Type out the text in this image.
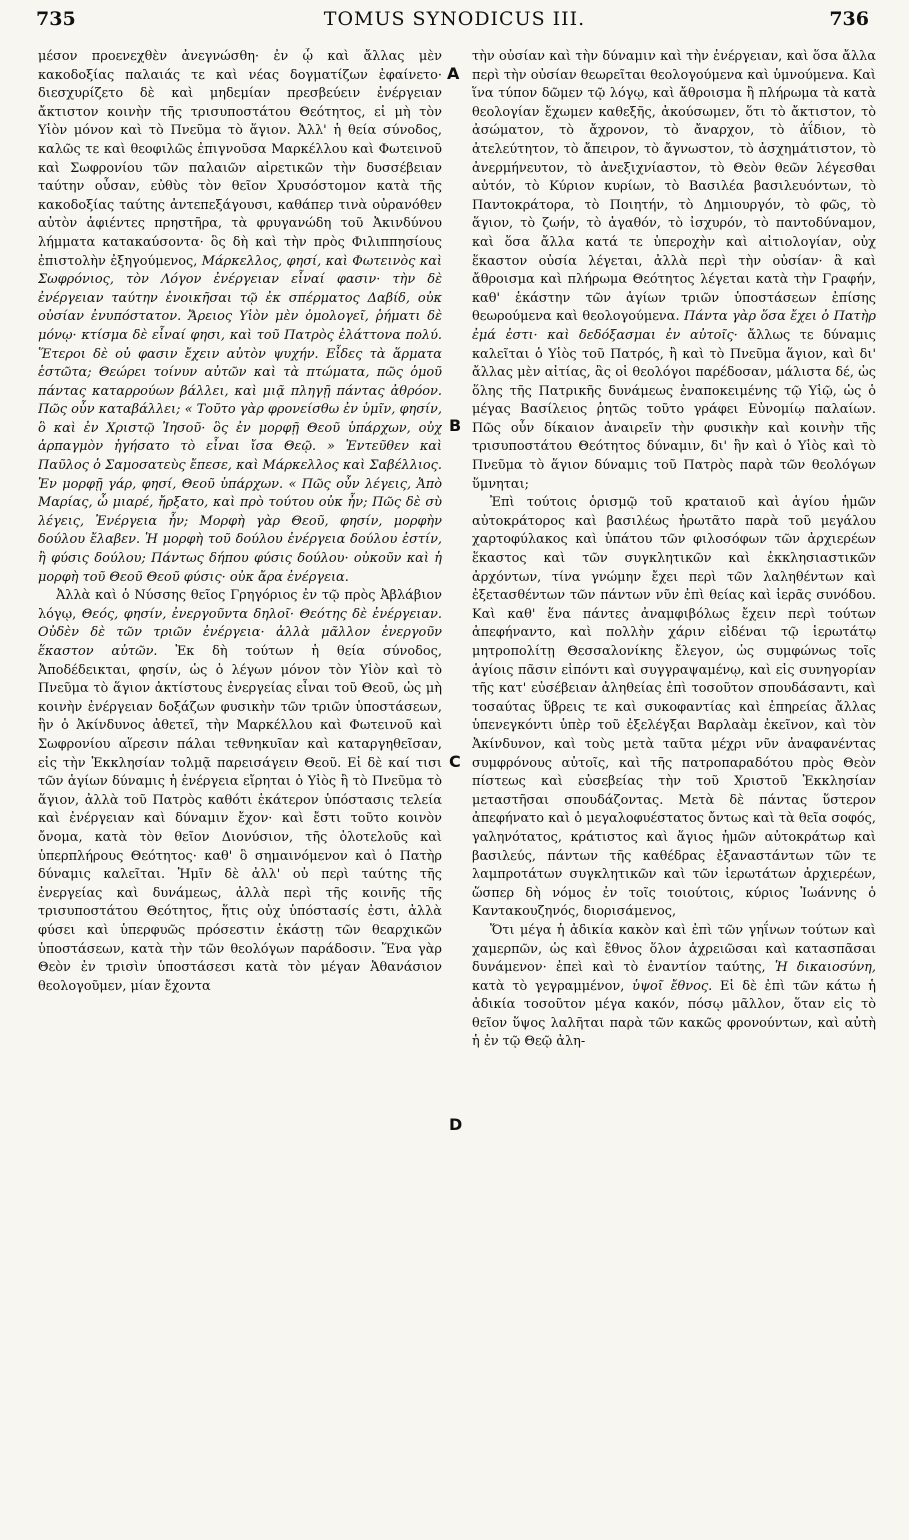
735	TOMUS SYNODICUS III.	736

μέσον προενεχθὲν ἀνεγνώσθη· ἐν ᾧ καὶ ἄλλας μὲν κακοδοξίας παλαιάς τε καὶ νέας δογματίζων ἐφαίνετο· διεσχυρίζετο δὲ καὶ μηδεμίαν πρεσβεύειν ἐνέργειαν ἄκτιστον κοινὴν τῆς τρισυποστάτου Θεότητος, εἰ μὴ τὸν Υἱὸν μόνον καὶ τὸ Πνεῦμα τὸ ἅγιον. Ἀλλ' ἡ θεία σύνοδος, καλῶς τε καὶ θεοφιλῶς ἐπιγνοῦσα Μαρκέλλου καὶ Φωτεινοῦ καὶ Σωφρονίου τῶν παλαιῶν αἱρετικῶν τὴν δυσσέβειαν ταύτην οὖσαν, εὐθὺς τὸν θεῖον Χρυσόστομον κατὰ τῆς κακοδοξίας ταύτης ἀντεπεξάγουσι, καθάπερ τινὰ οὐρανόθεν αὐτὸν ἀφιέντες πρηστῆρα, τὰ φρυγανώδη τοῦ Ἀκινδύνου λήμματα κατακαύσοντα· ὃς δὴ καὶ τὴν πρὸς Φιλιππησίους ἐπιστολὴν ἐξηγούμενος, Μάρκελλος, φησί, καὶ Φωτεινὸς καὶ Σωφρόνιος, τὸν Λόγον ἐνέργειαν εἶναί φασιν· τὴν δὲ ἐνέργειαν ταύτην ἐνοικῆσαι τῷ ἐκ σπέρματος Δαβίδ, οὐκ οὐσίαν ἐνυπόστατον. Ἄρειος Υἱὸν μὲν ὁμολογεῖ, ῥήματι δὲ μόνῳ· κτίσμα δὲ εἶναί φησι, καὶ τοῦ Πατρὸς ἐλάττονα πολύ. Ἕτεροι δὲ οὐ φασιν ἔχειν αὐτὸν ψυχήν. Εἶδες τὰ ἅρματα ἑστῶτα; Θεώρει τοίνυν αὐτῶν καὶ τὰ πτώματα, πῶς ὁμοῦ πάντας καταρρούων βάλλει, καὶ μιᾷ πληγῇ πάντας ἀθρόον. Πῶς οὖν καταβάλλει; « Τοῦτο γὰρ φρονείσθω ἐν ὑμῖν, φησίν, ὃ καὶ ἐν Χριστῷ Ἰησοῦ· ὃς ἐν μορφῇ Θεοῦ ὑπάρχων, οὐχ ἁρπαγμὸν ἡγήσατο τὸ εἶναι ἴσα Θεῷ. » Ἐντεῦθεν καὶ Παῦλος ὁ Σαμοσατεὺς ἔπεσε, καὶ Μάρκελλος καὶ Σαβέλλιος. Ἐν μορφῇ γάρ, φησί, Θεοῦ ὑπάρχων. « Πῶς οὖν λέγεις, Ἀπὸ Μαρίας, ὦ μιαρέ, ἤρξατο, καὶ πρὸ τούτου οὐκ ἦν; Πῶς δὲ σὺ λέγεις, Ἐνέργεια ἦν; Μορφὴ γὰρ Θεοῦ, φησίν, μορφὴν δούλου ἔλαβεν. Ἡ μορφὴ τοῦ δούλου ἐνέργεια δούλου ἐστίν, ἢ φύσις δούλου; Πάντως δήπου φύσις δούλου· οὐκοῦν καὶ ἡ μορφὴ τοῦ Θεοῦ Θεοῦ φύσις· οὐκ ἄρα ἐνέργεια.

Ἀλλὰ καὶ ὁ Νύσσης θεῖος Γρηγόριος ἐν τῷ πρὸς Ἀβλάβιον λόγῳ, Θεός, φησίν, ἐνεργοῦντα δηλοῖ· Θεότης δὲ ἐνέργειαν. Οὐδὲν δὲ τῶν τριῶν ἐνέργεια· ἀλλὰ μᾶλλον ἐνεργοῦν ἕκαστον αὐτῶν. Ἐκ δὴ τούτων ἡ θεία σύνοδος, Ἀποδέδεικται, φησίν, ὡς ὁ λέγων μόνον τὸν Υἱὸν καὶ τὸ Πνεῦμα τὸ ἅγιον ἀκτίστους ἐνεργείας εἶναι τοῦ Θεοῦ, ὡς μὴ κοινὴν ἐνέργειαν δοξάζων φυσικὴν τῶν τριῶν ὑποστάσεων, ἣν ὁ Ἀκίνδυνος ἀθετεῖ, τὴν Μαρκέλλου καὶ Φωτεινοῦ καὶ Σωφρονίου αἵρεσιν πάλαι τεθνηκυῖαν καὶ καταργηθεῖσαν, εἰς τὴν Ἐκκλησίαν τολμᾷ παρεισάγειν Θεοῦ. Εἰ δὲ καί τισι τῶν ἁγίων δύναμις ἡ ἐνέργεια εἴρηται ὁ Υἱὸς ἢ τὸ Πνεῦμα τὸ ἅγιον, ἀλλὰ τοῦ Πατρὸς καθότι ἑκάτερον ὑπόστασις τελεία καὶ ἐνέργειαν καὶ δύναμιν ἔχον· καὶ ἔστι τοῦτο κοινὸν ὄνομα, κατὰ τὸν θεῖον Διονύσιον, τῆς ὁλοτελοῦς καὶ ὑπερπλήρους Θεότητος· καθ' ὃ σημαινόμενον καὶ ὁ Πατὴρ δύναμις καλεῖται. Ἡμῖν δὲ ἀλλ' οὐ περὶ ταύτης τῆς ἐνεργείας καὶ δυνάμεως, ἀλλὰ περὶ τῆς κοινῆς τῆς τρισυποστάτου Θεότητος, ἥτις οὐχ ὑπόστασίς ἐστι, ἀλλὰ φύσει καὶ ὑπερφυῶς πρόσεστιν ἑκάστῃ τῶν θεαρχικῶν ὑποστάσεων, κατὰ τὴν τῶν θεολόγων παράδοσιν. Ἕνα γὰρ Θεὸν ἐν τρισὶν ὑποστάσεσι κατὰ τὸν μέγαν Ἀθανάσιον θεολογοῦμεν, μίαν ἔχοντα

A
B
C
D

τὴν οὐσίαν καὶ τὴν δύναμιν καὶ τὴν ἐνέργειαν, καὶ ὅσα ἄλλα περὶ τὴν οὐσίαν θεωρεῖται θεολογούμενα καὶ ὑμνούμενα. Καὶ ἵνα τύπον δῶμεν τῷ λόγῳ, καὶ ἄθροισμα ἢ πλήρωμα τὰ κατὰ θεολογίαν ἔχωμεν καθεξῆς, ἀκούσωμεν, ὅτι τὸ ἄκτιστον, τὸ ἀσώματον, τὸ ἄχρονον, τὸ ἄναρχον, τὸ ἀΐδιον, τὸ ἀτελεύτητον, τὸ ἄπειρον, τὸ ἄγνωστον, τὸ ἀσχημάτιστον, τὸ ἀνερμήνευτον, τὸ ἀνεξιχνίαστον, τὸ Θεὸν θεῶν λέγεσθαι αὐτόν, τὸ Κύριον κυρίων, τὸ Βασιλέα βασιλευόντων, τὸ Παντοκράτορα, τὸ Ποιητήν, τὸ Δημιουργόν, τὸ φῶς, τὸ ἅγιον, τὸ ζωήν, τὸ ἀγαθόν, τὸ ἰσχυρόν, τὸ παντοδύναμον, καὶ ὅσα ἄλλα κατά τε ὑπεροχὴν καὶ αἰτιολογίαν, οὐχ ἕκαστον οὐσία λέγεται, ἀλλὰ περὶ τὴν οὐσίαν· ἃ καὶ ἄθροισμα καὶ πλήρωμα Θεότητος λέγεται κατὰ τὴν Γραφήν, καθ' ἑκάστην τῶν ἁγίων τριῶν ὑποστάσεων ἐπίσης θεωρούμενα καὶ θεολογούμενα. Πάντα γὰρ ὅσα ἔχει ὁ Πατὴρ ἐμά ἐστι· καὶ δεδόξασμαι ἐν αὐτοῖς· ἄλλως τε δύναμις καλεῖται ὁ Υἱὸς τοῦ Πατρός, ἢ καὶ τὸ Πνεῦμα ἅγιον, καὶ δι' ἄλλας μὲν αἰτίας, ἃς οἱ θεολόγοι παρέδοσαν, μάλιστα δέ, ὡς ὅλης τῆς Πατρικῆς δυνάμεως ἐναποκειμένης τῷ Υἱῷ, ὡς ὁ μέγας Βασίλειος ῥητῶς τοῦτο γράφει Εὐνομίῳ παλαίων. Πῶς οὖν δίκαιον ἀναιρεῖν τὴν φυσικὴν καὶ κοινὴν τῆς τρισυποστάτου Θεότητος δύναμιν, δι' ἣν καὶ ὁ Υἱὸς καὶ τὸ Πνεῦμα τὸ ἅγιον δύναμις τοῦ Πατρὸς παρὰ τῶν θεολόγων ὕμνηται;

Ἐπὶ τούτοις ὁρισμῷ τοῦ κραταιοῦ καὶ ἁγίου ἡμῶν αὐτοκράτορος καὶ βασιλέως ἠρωτᾶτο παρὰ τοῦ μεγάλου χαρτοφύλακος καὶ ὑπάτου τῶν φιλοσόφων τῶν ἀρχιερέων ἕκαστος καὶ τῶν συγκλητικῶν καὶ ἐκκλησιαστικῶν ἀρχόντων, τίνα γνώμην ἔχει περὶ τῶν λαληθέντων καὶ ἐξετασθέντων τῶν πάντων νῦν ἐπὶ θείας καὶ ἱερᾶς συνόδου. Καὶ καθ' ἕνα πάντες ἀναμφιβόλως ἔχειν περὶ τούτων ἀπεφήναντο, καὶ πολλὴν χάριν εἰδέναι τῷ ἱερωτάτῳ μητροπολίτῃ Θεσσαλονίκης ἔλεγον, ὡς συμφώνως τοῖς ἁγίοις πᾶσιν εἰπόντι καὶ συγγραψαμένῳ, καὶ εἰς συνηγορίαν τῆς κατ' εὐσέβειαν ἀληθείας ἐπὶ τοσοῦτον σπουδάσαντι, καὶ τοσαύτας ὕβρεις τε καὶ συκοφαντίας καὶ ἐπηρείας ἄλλας ὑπενεγκόντι ὑπὲρ τοῦ ἐξελέγξαι Βαρλαὰμ ἐκεῖνον, καὶ τὸν Ἀκίνδυνον, καὶ τοὺς μετὰ ταῦτα μέχρι νῦν ἀναφανέντας συμφρόνους αὐτοῖς, καὶ τῆς πατροπαραδότου πρὸς Θεὸν πίστεως καὶ εὐσεβείας τὴν τοῦ Χριστοῦ Ἐκκλησίαν μεταστῆσαι σπουδάζοντας. Μετὰ δὲ πάντας ὕστερον ἀπεφήνατο καὶ ὁ μεγαλοφυέστατος ὄντως καὶ τὰ θεῖα σοφός, γαληνότατος, κράτιστος καὶ ἅγιος ἡμῶν αὐτοκράτωρ καὶ βασιλεύς, πάντων τῆς καθέδρας ἐξαναστάντων τῶν τε λαμπροτάτων συγκλητικῶν καὶ τῶν ἱερωτάτων ἀρχιερέων, ὥσπερ δὴ νόμος ἐν τοῖς τοιούτοις, κύριος Ἰωάννης ὁ Καντακουζηνός, διορισάμενος,

Ὅτι μέγα ἡ ἀδικία κακὸν καὶ ἐπὶ τῶν γηΐνων τούτων καὶ χαμερπῶν, ὡς καὶ ἔθνος ὅλον ἀχρειῶσαι καὶ κατασπᾶσαι δυνάμενον· ἐπεὶ καὶ τὸ ἐναντίον ταύτης, Ἡ δικαιοσύνη, κατὰ τὸ γεγραμμένον, ὑψοῖ ἔθνος. Εἰ δὲ ἐπὶ τῶν κάτω ἡ ἀδικία τοσοῦτον μέγα κακόν, πόσῳ μᾶλλον, ὅταν εἰς τὸ θεῖον ὕψος λαλῆται παρὰ τῶν κακῶς φρονούντων, καὶ αὐτὴ ἡ ἐν τῷ Θεῷ ἀλη-
